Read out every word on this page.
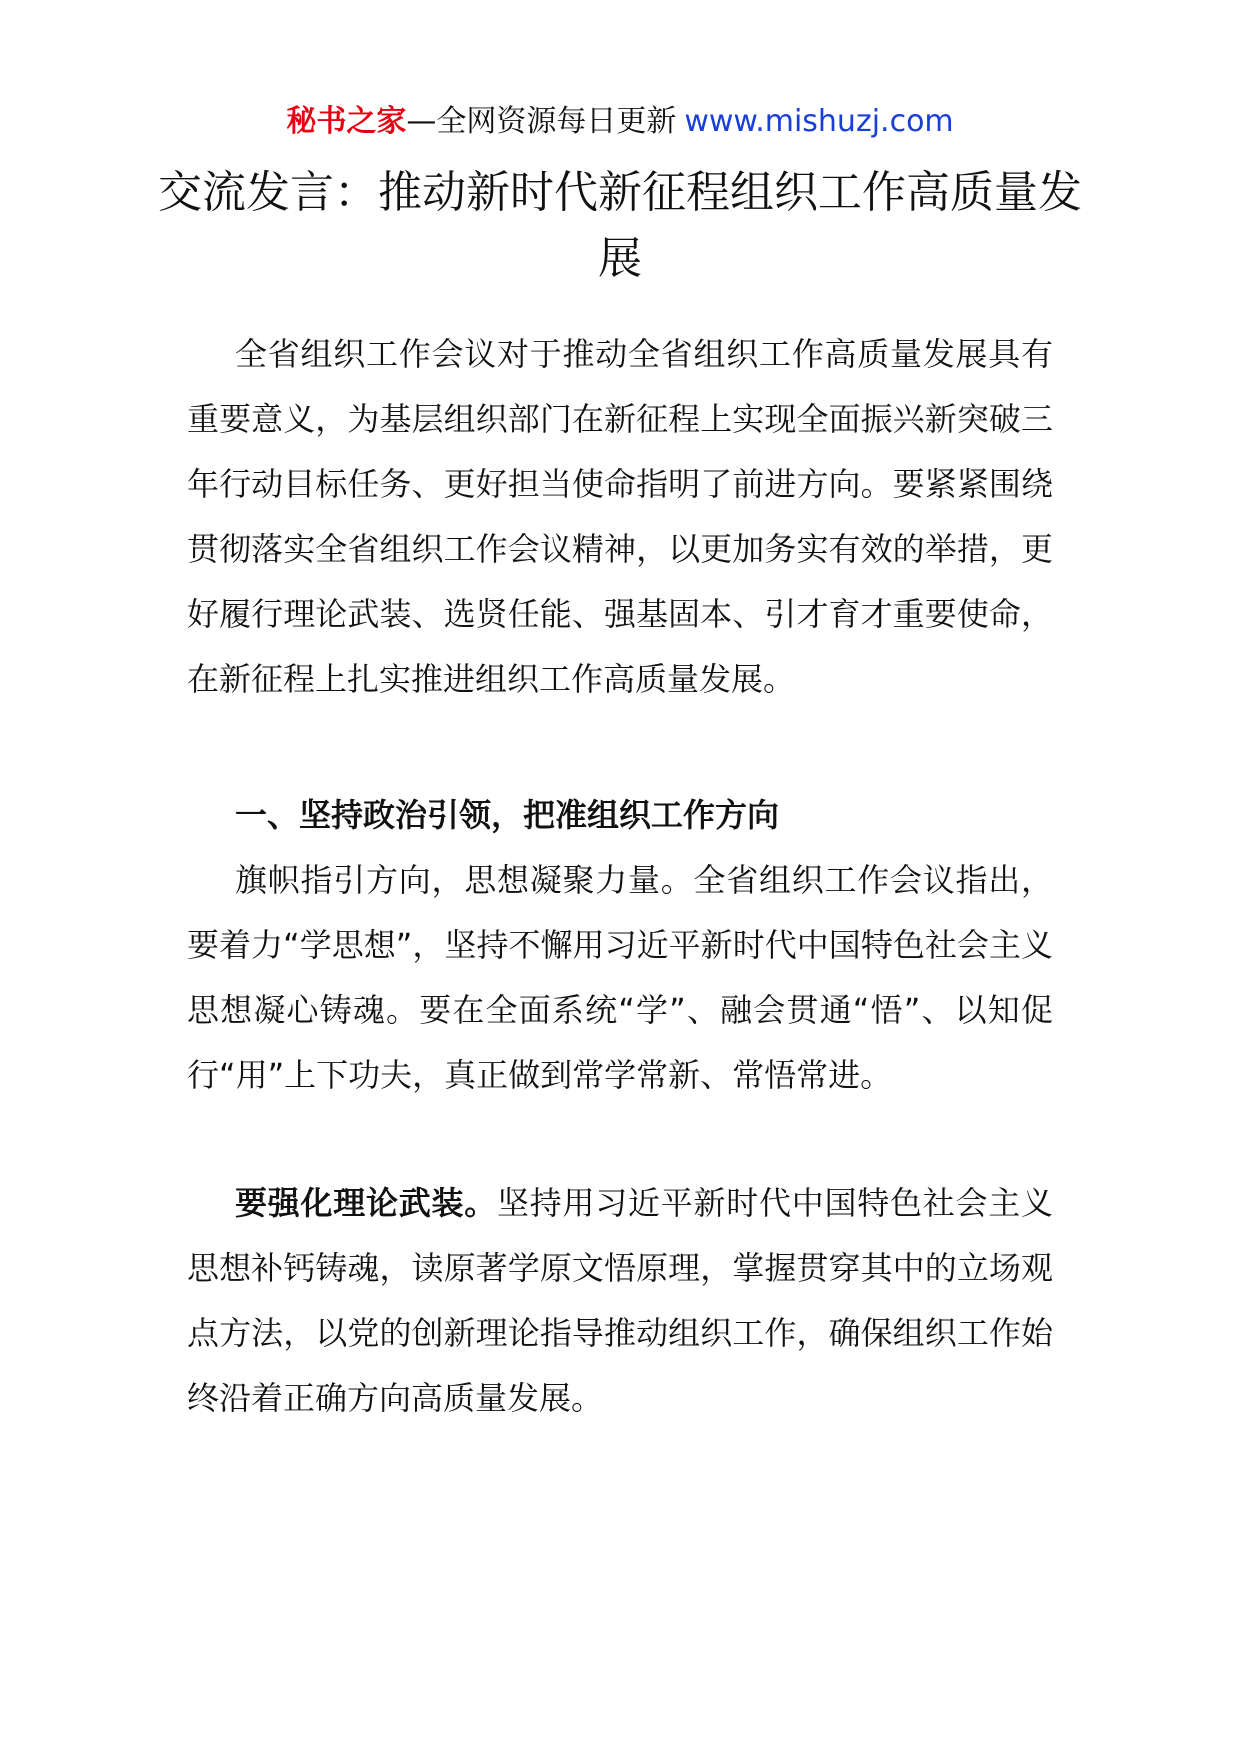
秘书之家—全网资源每日更新 www.mishuzj.com
交流发言：推动新时代新征程组织工作高质量发展

全省组织工作会议对于推动全省组织工作高质量发展具有重要意义，为基层组织部门在新征程上实现全面振兴新突破三年行动目标任务、更好担当使命指明了前进方向。要紧紧围绕贯彻落实全省组织工作会议精神，以更加务实有效的举措，更好履行理论武装、选贤任能、强基固本、引才育才重要使命，在新征程上扎实推进组织工作高质量发展。

一、坚持政治引领，把准组织工作方向

旗帜指引方向，思想凝聚力量。全省组织工作会议指出，要着力“学思想”，坚持不懈用习近平新时代中国特色社会主义思想凝心铸魂。要在全面系统“学”、融会贯通“悟”、以知促行“用”上下功夫，真正做到常学常新、常悟常进。

要强化理论武装。坚持用习近平新时代中国特色社会主义思想补钙铸魂，读原著学原文悟原理，掌握贯穿其中的立场观点方法，以党的创新理论指导推动组织工作，确保组织工作始终沿着正确方向高质量发展。
